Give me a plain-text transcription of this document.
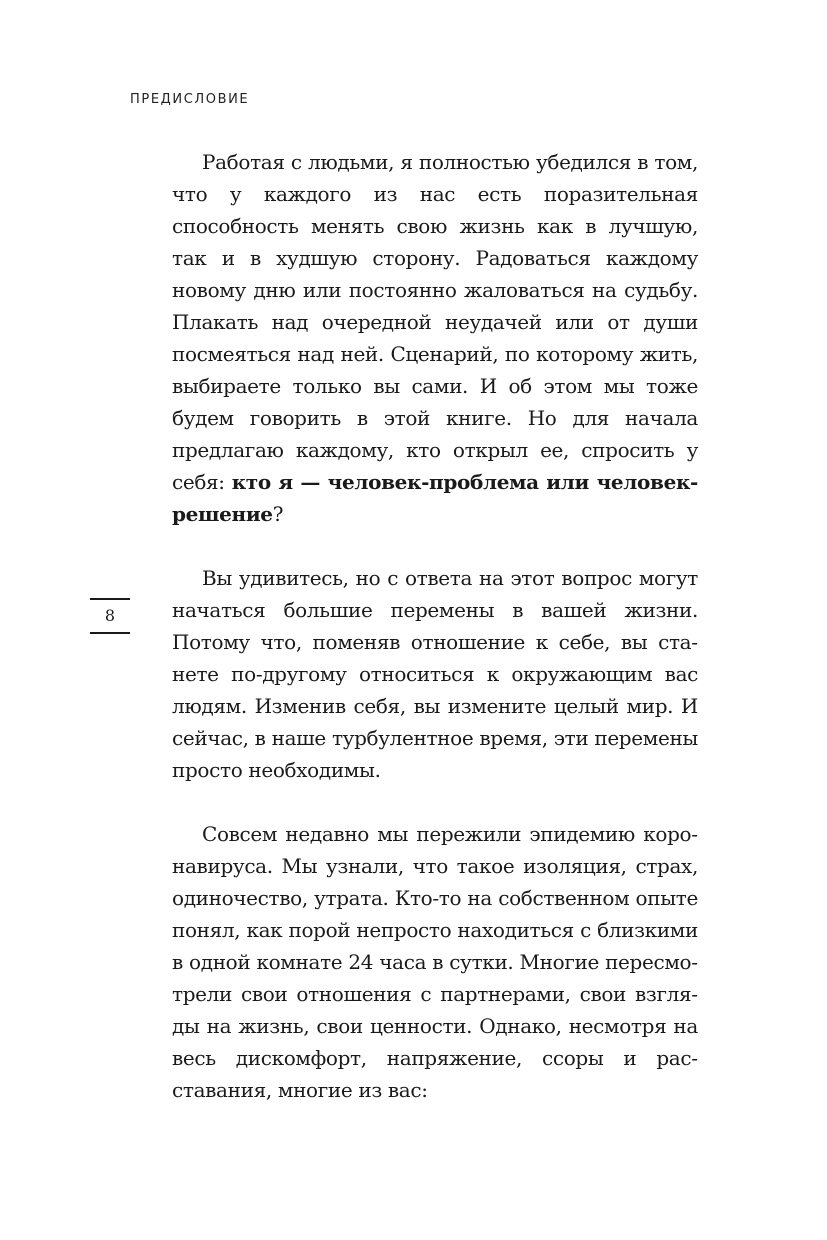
ПРЕДИСЛОВИЕ
8

Работая с людьми, я полностью убедился в том, что у каждого из нас есть поразительная способность менять свою жизнь как в лучшую, так и в худшую сторону. Радоваться каждому новому дню или постоянно жаловаться на судьбу. Плакать над очередной неудачей или от души посмеяться над ней. Сценарий, по которому жить, выбираете только вы сами. И об этом мы тоже будем говорить в этой книге. Но для начала предлагаю каждому, кто открыл ее, спросить у себя: кто я — человек-проблема или человек-решение?

Вы удивитесь, но с ответа на этот вопрос могут начаться большие перемены в вашей жизни. Потому что, поменяв отношение к себе, вы станете по-другому относиться к окружающим вас людям. Изменив себя, вы измените целый мир. И сейчас, в наше турбулентное время, эти перемены просто необходимы.

Совсем недавно мы пережили эпидемию коронавируса. Мы узнали, что такое изоляция, страх, одиночество, утрата. Кто-то на собственном опыте понял, как порой непросто находиться с близкими в одной комнате 24 часа в сутки. Многие пересмотрели свои отношения с партнерами, свои взгляды на жизнь, свои ценности. Однако, несмотря на весь дискомфорт, напряжение, ссоры и расставания, многие из вас:
